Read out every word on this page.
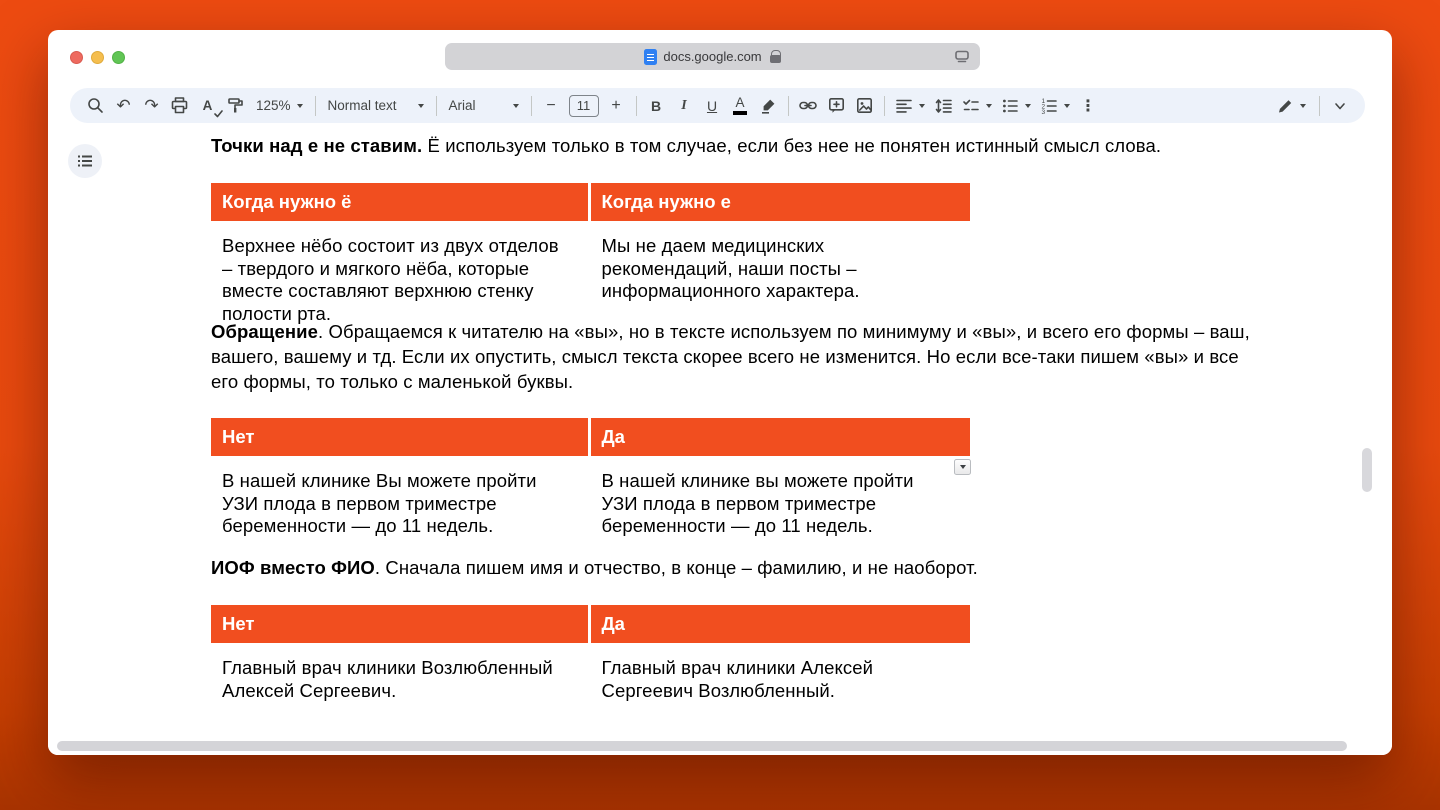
docs.google.com
↶ ↷	A	125%	Normal text	Arial	−	11	+	B	I	U	A	1
2
3	⋮

Точки над е не ставим. Ё используем только в том случае, если без нее не понятен истинный смысл слова.

Когда нужно ё	Когда нужно е
Верхнее нёбо состоит из двух отделов – твердого и мягкого нёба, которые вместе составляют верхнюю стенку полости рта.	Мы не даем медицинских рекомендаций, наши посты – информационного характера.

Обращение. Обращаемся к читателю на «вы», но в тексте используем по минимуму и «вы», и всего его формы – ваш, вашего, вашему и тд. Если их опустить, смысл текста скорее всего не изменится. Но если все-таки пишем «вы» и все его формы, то только с маленькой буквы.

Нет	Да
В нашей клинике Вы можете пройти УЗИ плода в первом триместре беременности — до 11 недель.	В нашей клинике вы можете пройти УЗИ плода в первом триместре беременности — до 11 недель.

ИОФ вместо ФИО. Сначала пишем имя и отчество, в конце – фамилию, и не наоборот.

Нет	Да
Главный врач клиники Возлюбленный Алексей Сергеевич.	Главный врач клиники Алексей Сергеевич Возлюбленный.
